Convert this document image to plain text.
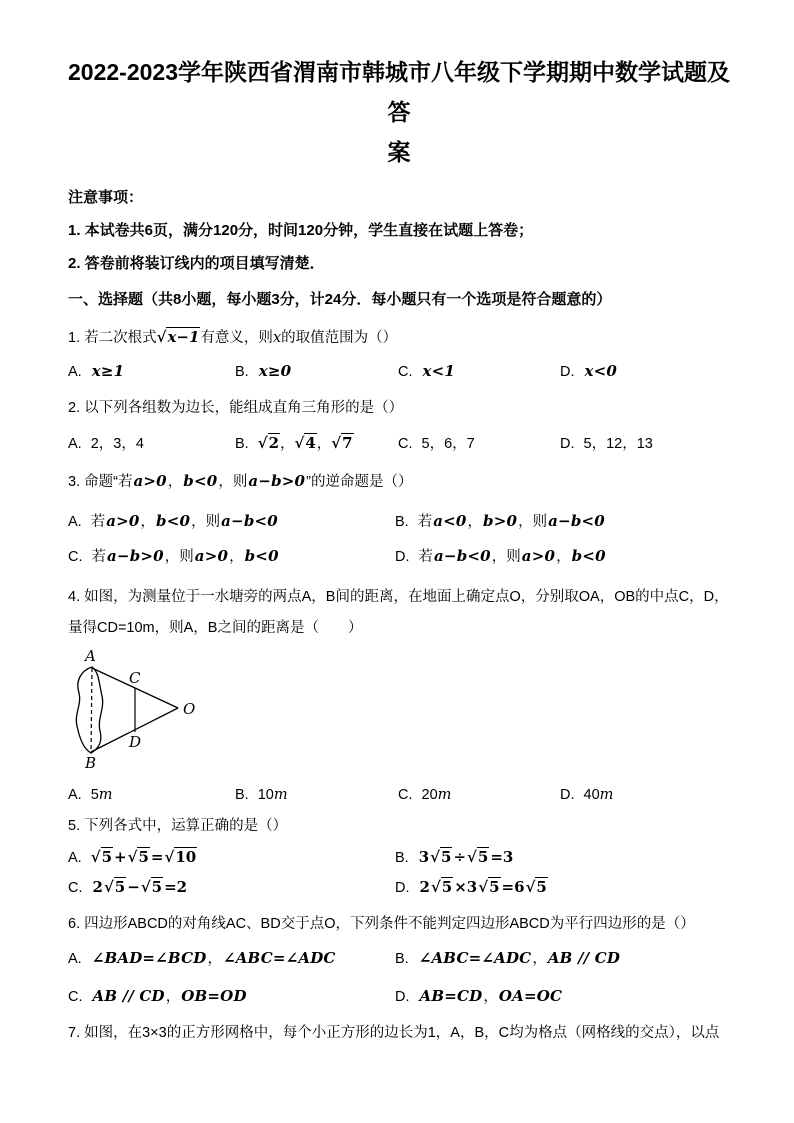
2022-2023学年陕西省渭南市韩城市八年级下学期期中数学试题及答
案
注意事项：
1. 本试卷共6页，满分120分，时间120分钟，学生直接在试题上答卷；
2. 答卷前将装订线内的项目填写清楚．
一、选择题（共8小题，每小题3分，计24分．每小题只有一个选项是符合题意的）
1. 若二次根式 √ x−1有意义，则x的取值范围为（）
A. x≥1	B. x≥0	C. x<1	D. x<0
2. 以下列各组数为边长，能组成直角三角形的是（）
A. 2，3，4	B. √ 2， √ 4， √ 7	C. 5，6，7	D. 5，12，13
3. 命题“若a>0，b<0，则a−b>0”的逆命题是（）
A. 若a>0，b<0，则a−b<0	B. 若a<0，b>0，则a−b<0
C. 若a−b>0，则a>0，b<0	D. 若a−b<0，则a>0，b<0
4. 如图，为测量位于一水塘旁的两点A，B间的距离，在地面上确定点O，分别取OA，OB的中点C，D，量得CD=10m，则A，B之间的距离是（　　）
A
B
C
D
O
A. 5m	B. 10m	C. 20m	D. 40m
5. 下列各式中，运算正确的是（）
A. √ 5 + √ 5 = √ 10	B. 3 √ 5 ÷ √ 5 =3
C. 2 √ 5 − √ 5 =2	D. 2 √ 5 ×3 √ 5 =6 √ 5
6. 四边形ABCD的对角线AC、BD交于点O，下列条件不能判定四边形ABCD为平行四边形的是（）
A. ∠BAD=∠BCD，∠ABC=∠ADC	B. ∠ABC=∠ADC，AB // CD
C. AB // CD，OB=OD	D. AB=CD，OA=OC
7. 如图，在3×3的正方形网格中，每个小正方形的边长为1，A，B，C均为格点（网格线的交点），以点
